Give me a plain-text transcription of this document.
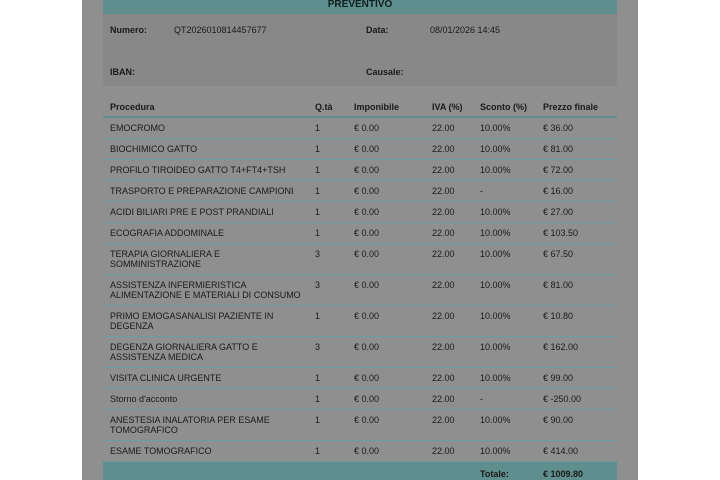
PREVENTIVO
Numero:	QT2026010814457677	Data:	08/01/2026 14:45
IBAN:	Causale:
Procedura	Q.tà	Imponibile	IVA (%)	Sconto (%)	Prezzo finale
EMOCROMO	1	€ 0.00	22.00	10.00%	€ 36.00
BIOCHIMICO GATTO	1	€ 0.00	22.00	10.00%	€ 81.00
PROFILO TIROIDEO GATTO T4+FT4+TSH	1	€ 0.00	22.00	10.00%	€ 72.00
TRASPORTO E PREPARAZIONE CAMPIONI	1	€ 0.00	22.00	-	€ 16.00
ACIDI BILIARI PRE E POST PRANDIALI	1	€ 0.00	22.00	10.00%	€ 27.00
ECOGRAFIA ADDOMINALE	1	€ 0.00	22.00	10.00%	€ 103.50
TERAPIA GIORNALIERA E SOMMINISTRAZIONE	3	€ 0.00	22.00	10.00%	€ 67.50
ASSISTENZA INFERMIERISTICA ALIMENTAZIONE E MATERIALI DI CONSUMO	3	€ 0.00	22.00	10.00%	€ 81.00
PRIMO EMOGASANALISI PAZIENTE IN DEGENZA	1	€ 0.00	22.00	10.00%	€ 10.80
DEGENZA GIORNALIERA GATTO E ASSISTENZA MEDICA	3	€ 0.00	22.00	10.00%	€ 162.00
VISITA CLINICA URGENTE	1	€ 0.00	22.00	10.00%	€ 99.00
Storno d'acconto	1	€ 0.00	22.00	-	€ -250.00
ANESTESIA INALATORIA PER ESAME TOMOGRAFICO	1	€ 0.00	22.00	10.00%	€ 90.00
ESAME TOMOGRAFICO	1	€ 0.00	22.00	10.00%	€ 414.00
Totale:	€ 1009.80
